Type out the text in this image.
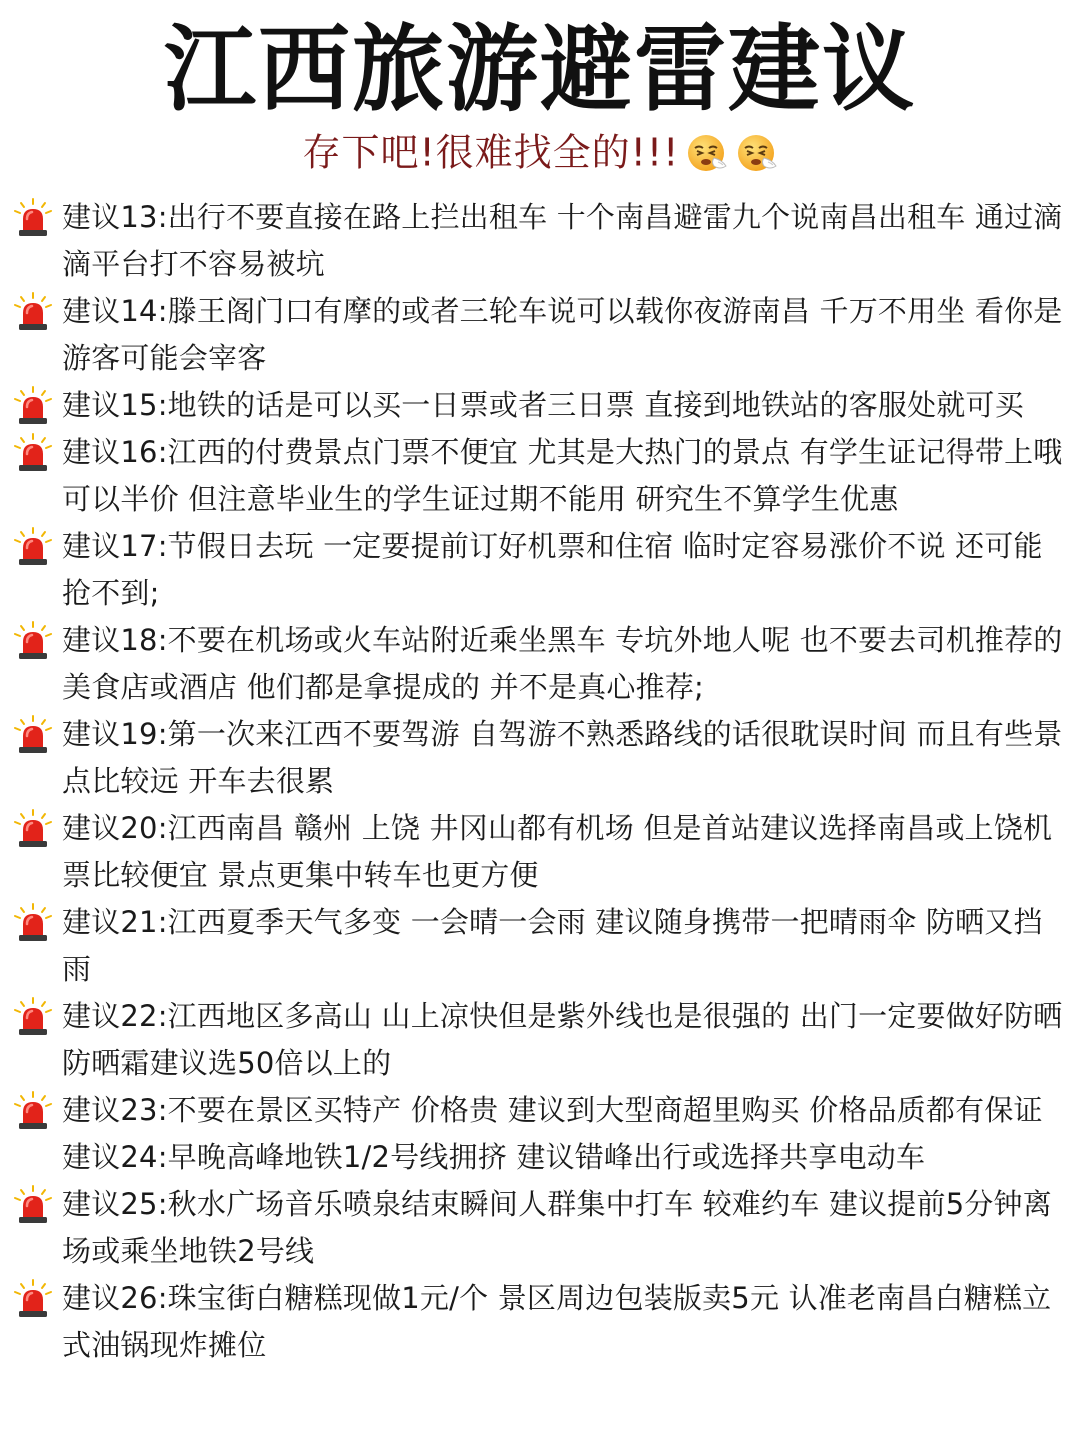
江西旅游避雷建议
存下吧!很难找全的!!!
建议13:出行不要直接在路上拦出租车 十个南昌避雷九个说南昌出租车 通过滴滴平台打不容易被坑
建议14:滕王阁门口有摩的或者三轮车说可以载你夜游南昌 千万不用坐 看你是游客可能会宰客
建议15:地铁的话是可以买一日票或者三日票 直接到地铁站的客服处就可买
建议16:江西的付费景点门票不便宜 尤其是大热门的景点 有学生证记得带上哦 可以半价 但注意毕业生的学生证过期不能用 研究生不算学生优惠
建议17:节假日去玩 一定要提前订好机票和住宿 临时定容易涨价不说 还可能抢不到;
建议18:不要在机场或火车站附近乘坐黑车 专坑外地人呢 也不要去司机推荐的美食店或酒店 他们都是拿提成的 并不是真心推荐;
建议19:第一次来江西不要驾游 自驾游不熟悉路线的话很耽误时间 而且有些景点比较远 开车去很累
建议20:江西南昌 赣州 上饶 井冈山都有机场 但是首站建议选择南昌或上饶机票比较便宜 景点更集中转车也更方便
建议21:江西夏季天气多变 一会晴一会雨 建议随身携带一把晴雨伞 防晒又挡雨
建议22:江西地区多高山 山上凉快但是紫外线也是很强的 出门一定要做好防晒 防晒霜建议选50倍以上的
建议23:不要在景区买特产 价格贵 建议到大型商超里购买 价格品质都有保证
建议24:早晚高峰地铁1/2号线拥挤 建议错峰出行或选择共享电动车
建议25:秋水广场音乐喷泉结束瞬间人群集中打车 较难约车 建议提前5分钟离场或乘坐地铁2号线
建议26:珠宝街白糖糕现做1元/个 景区周边包装版卖5元 认准老南昌白糖糕立式油锅现炸摊位
